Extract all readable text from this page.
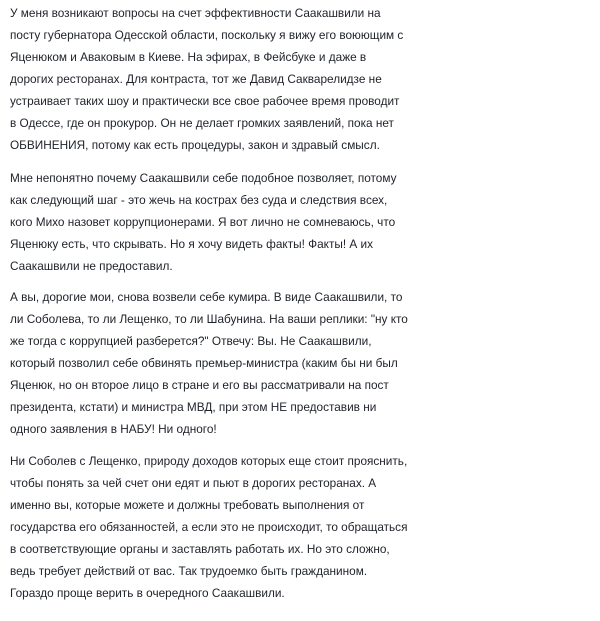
У меня возникают вопросы на счет эффективности Саакашвили на
посту губернатора Одесской области, поскольку я вижу его воюющим с
Яценюком и Аваковым в Киеве. На эфирах, в Фейсбуке и даже в
дорогих ресторанах. Для контраста, тот же Давид Сакварелидзе не
устраивает таких шоу и практически все свое рабочее время проводит
в Одессе, где он прокурор. Он не делает громких заявлений, пока нет
ОБВИНЕНИЯ, потому как есть процедуры, закон и здравый смысл.
Мне непонятно почему Саакашвили себе подобное позволяет, потому
как следующий шаг - это жечь на кострах без суда и следствия всех,
кого Михо назовет коррупционерами. Я вот лично не сомневаюсь, что
Яценюку есть, что скрывать. Но я хочу видеть факты! Факты! А их
Саакашвили не предоставил.
А вы, дорогие мои, снова возвели себе кумира. В виде Саакашвили, то
ли Соболева, то ли Лещенко, то ли Шабунина. На ваши реплики: "ну кто
же тогда с коррупцией разберется?" Отвечу: Вы. Не Саакашвили,
который позволил себе обвинять премьер-министра (каким бы ни был
Яценюк, но он второе лицо в стране и его вы рассматривали на пост
президента, кстати) и министра МВД, при этом НЕ предоставив ни
одного заявления в НАБУ! Ни одного!
Ни Соболев с Лещенко, природу доходов которых еще стоит прояснить,
чтобы понять за чей счет они едят и пьют в дорогих ресторанах. А
именно вы, которые можете и должны требовать выполнения от
государства его обязанностей, а если это не происходит, то обращаться
в соответствующие органы и заставлять работать их. Но это сложно,
ведь требует действий от вас. Так трудоемко быть гражданином.
Гораздо проще верить в очередного Саакашвили.
